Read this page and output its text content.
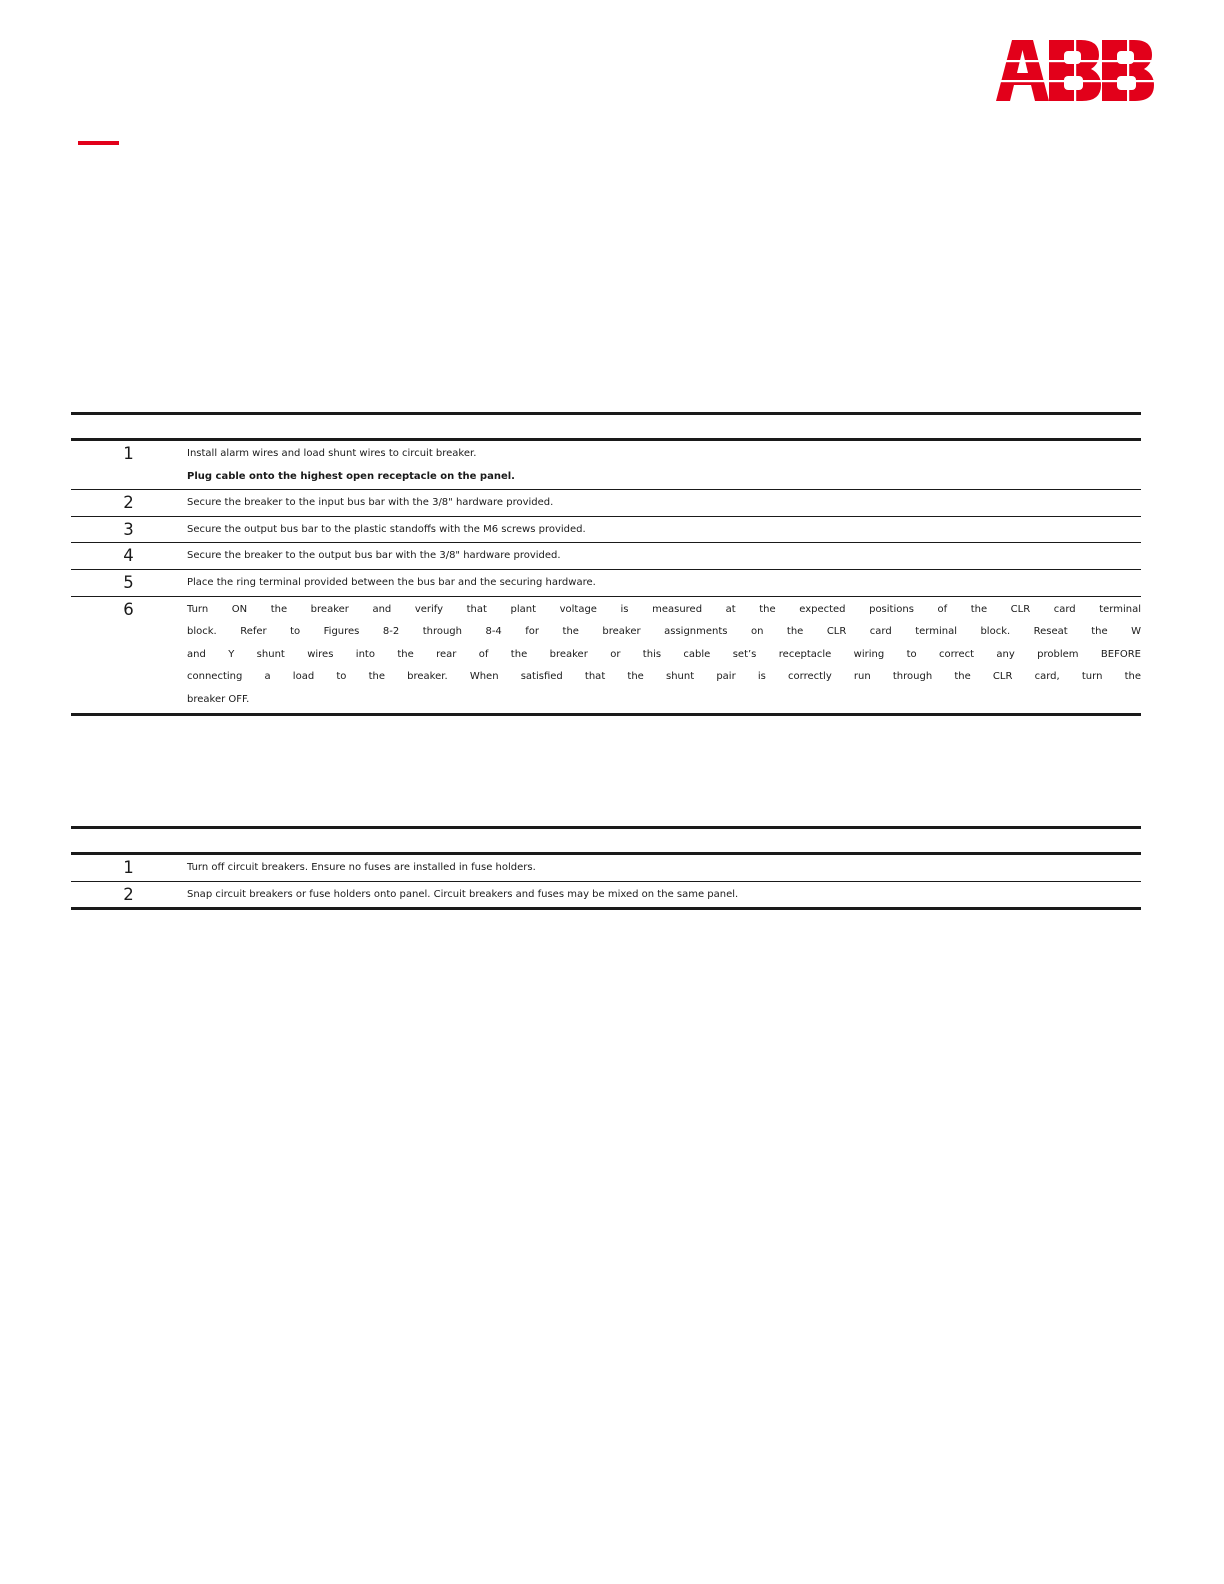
1	Install alarm wires and load shunt wires to circuit breaker.
Plug cable onto the highest open receptacle on the panel.

2	Secure the breaker to the input bus bar with the 3/8" hardware provided.

3	Secure the output bus bar to the plastic standoffs with the M6 screws provided.

4	Secure the breaker to the output bus bar with the 3/8" hardware provided.

5	Place the ring terminal provided between the bus bar and the securing hardware.

6	Turn ON the breaker and verify that plant voltage is measured at the expected positions of the CLR card terminal
block. Refer to Figures 8-2 through 8-4 for the breaker assignments on the CLR card terminal block. Reseat the W
and Y shunt wires into the rear of the breaker or this cable set’s receptacle wiring to correct any problem BEFORE
connecting a load to the breaker. When satisfied that the shunt pair is correctly run through the CLR card, turn the
breaker OFF.

1	Turn off circuit breakers. Ensure no fuses are installed in fuse holders.

2	Snap circuit breakers or fuse holders onto panel. Circuit breakers and fuses may be mixed on the same panel.
